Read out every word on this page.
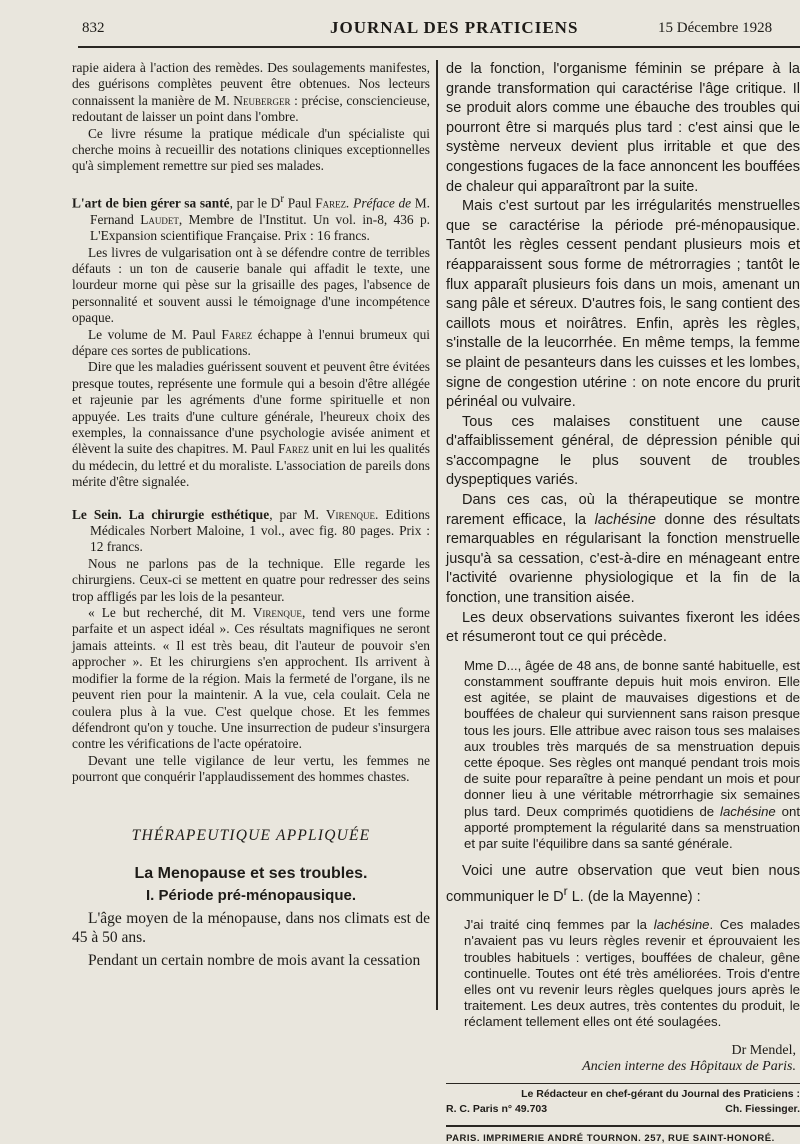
832	JOURNAL DES PRATICIENS	15 Décembre 1928

rapie aidera à l'action des remèdes. Des soulagements manifestes, des guérisons complètes peuvent être obtenues. Nos lecteurs connaissent la manière de M. Neuberger : précise, consciencieuse, redoutant de laisser un point dans l'ombre.

Ce livre résume la pratique médicale d'un spécialiste qui cherche moins à recueillir des notations cliniques exceptionnelles qu'à simplement remettre sur pied ses malades.

L'art de bien gérer sa santé, par le $D^r$ Paul Farez. Préface de M. Fernand Laudet, Membre de l'Institut. Un vol. in-8, 436 p. L'Expansion scientifique Française. Prix : 16 francs.

Les livres de vulgarisation ont à se défendre contre de terribles défauts : un ton de causerie banale qui affadit le texte, une lourdeur morne qui pèse sur la grisaille des pages, l'absence de personnalité et souvent aussi le témoignage d'une incompétence opaque.

Le volume de M. Paul Farez échappe à l'ennui brumeux qui dépare ces sortes de publications.

Dire que les maladies guérissent souvent et peuvent être évitées presque toutes, représente une formule qui a besoin d'être allégée et rajeunie par les agréments d'une forme spirituelle et non appuyée. Les traits d'une culture générale, l'heureux choix des exemples, la connaissance d'une psychologie avisée animent et élèvent la suite des chapitres. M. Paul Farez unit en lui les qualités du médecin, du lettré et du moraliste. L'association de pareils dons mérite d'être signalée.

Le Sein. La chirurgie esthétique, par M. Virenque. Editions Médicales Norbert Maloine, 1 vol., avec fig. 80 pages. Prix : 12 francs.

Nous ne parlons pas de la technique. Elle regarde les chirurgiens. Ceux-ci se mettent en quatre pour redresser des seins trop affligés par les lois de la pesanteur.

« Le but recherché, dit M. Virenque, tend vers une forme parfaite et un aspect idéal ». Ces résultats magnifiques ne seront jamais atteints. « Il est très beau, dit l'auteur de pouvoir s'en approcher ». Et les chirurgiens s'en approchent. Ils arrivent à modifier la forme de la région. Mais la fermeté de l'organe, ils ne peuvent rien pour la maintenir. A la vue, cela coulait. Cela ne coulera plus à la vue. C'est quelque chose. Et les femmes défendront qu'on y touche. Une insurrection de pudeur s'insurgera contre les vérifications de l'acte opératoire.

Devant une telle vigilance de leur vertu, les femmes ne pourront que conquérir l'applaudissement des hommes chastes.

THÉRAPEUTIQUE APPLIQUÉE
La Menopause et ses troubles.
I. Période pré-ménopausique.

L'âge moyen de la ménopause, dans nos climats est de 45 à 50 ans.

Pendant un certain nombre de mois avant la cessation

de la fonction, l'organisme féminin se prépare à la grande transformation qui caractérise l'âge critique. Il se produit alors comme une ébauche des troubles qui pourront être si marqués plus tard : c'est ainsi que le système nerveux devient plus irritable et que des congestions fugaces de la face annoncent les bouffées de chaleur qui apparaîtront par la suite.

Mais c'est surtout par les irrégularités menstruelles que se caractérise la période pré-ménopausique. Tantôt les règles cessent pendant plusieurs mois et réapparaissent sous forme de métrorragies ; tantôt le flux apparaît plusieurs fois dans un mois, amenant un sang pâle et séreux. D'autres fois, le sang contient des caillots mous et noirâtres. Enfin, après les règles, s'installe de la leucorrhée. En même temps, la femme se plaint de pesanteurs dans les cuisses et les lombes, signe de congestion utérine : on note encore du prurit périnéal ou vulvaire.

Tous ces malaises constituent une cause d'affaiblissement général, de dépression pénible qui s'accompagne le plus souvent de troubles dyspeptiques variés.

Dans ces cas, où la thérapeutique se montre rarement efficace, la lachésine donne des résultats remarquables en régularisant la fonction menstruelle jusqu'à sa cessation, c'est-à-dire en ménageant entre l'activité ovarienne physiologique et la fin de la fonction, une transition aisée.

Les deux observations suivantes fixeront les idées et résumeront tout ce qui précède.

Mme D..., âgée de 48 ans, de bonne santé habituelle, est constamment souffrante depuis huit mois environ. Elle est agitée, se plaint de mauvaises digestions et de bouffées de chaleur qui surviennent sans raison presque tous les jours. Elle attribue avec raison tous ses malaises aux troubles très marqués de sa menstruation depuis cette époque. Ses règles ont manqué pendant trois mois de suite pour reparaître à peine pendant un mois et pour donner lieu à une véritable métrorrhagie six semaines plus tard. Deux comprimés quotidiens de lachésine ont apporté promptement la régularité dans sa menstruation et par suite l'équilibre dans sa santé générale.

Voici une autre observation que veut bien nous communiquer le $D^r$ L. (de la Mayenne) :

J'ai traité cinq femmes par la lachésine. Ces malades n'avaient pas vu leurs règles revenir et éprouvaient les troubles habituels : vertiges, bouffées de chaleur, gêne continuelle. Toutes ont été très améliorées. Trois d'entre elles ont vu revenir leurs règles quelques jours après le traitement. Les deux autres, très contentes du produit, le réclament tellement elles ont été soulagées.

Dr Mendel,
Ancien interne des Hôpitaux de Paris.
Le Rédacteur en chef-gérant du Journal des Praticiens :
R. C. Paris n° 49.703	Ch. Fiessinger.
PARIS. IMPRIMERIE ANDRÉ TOURNON. 257, RUE SAINT-HONORÉ.
